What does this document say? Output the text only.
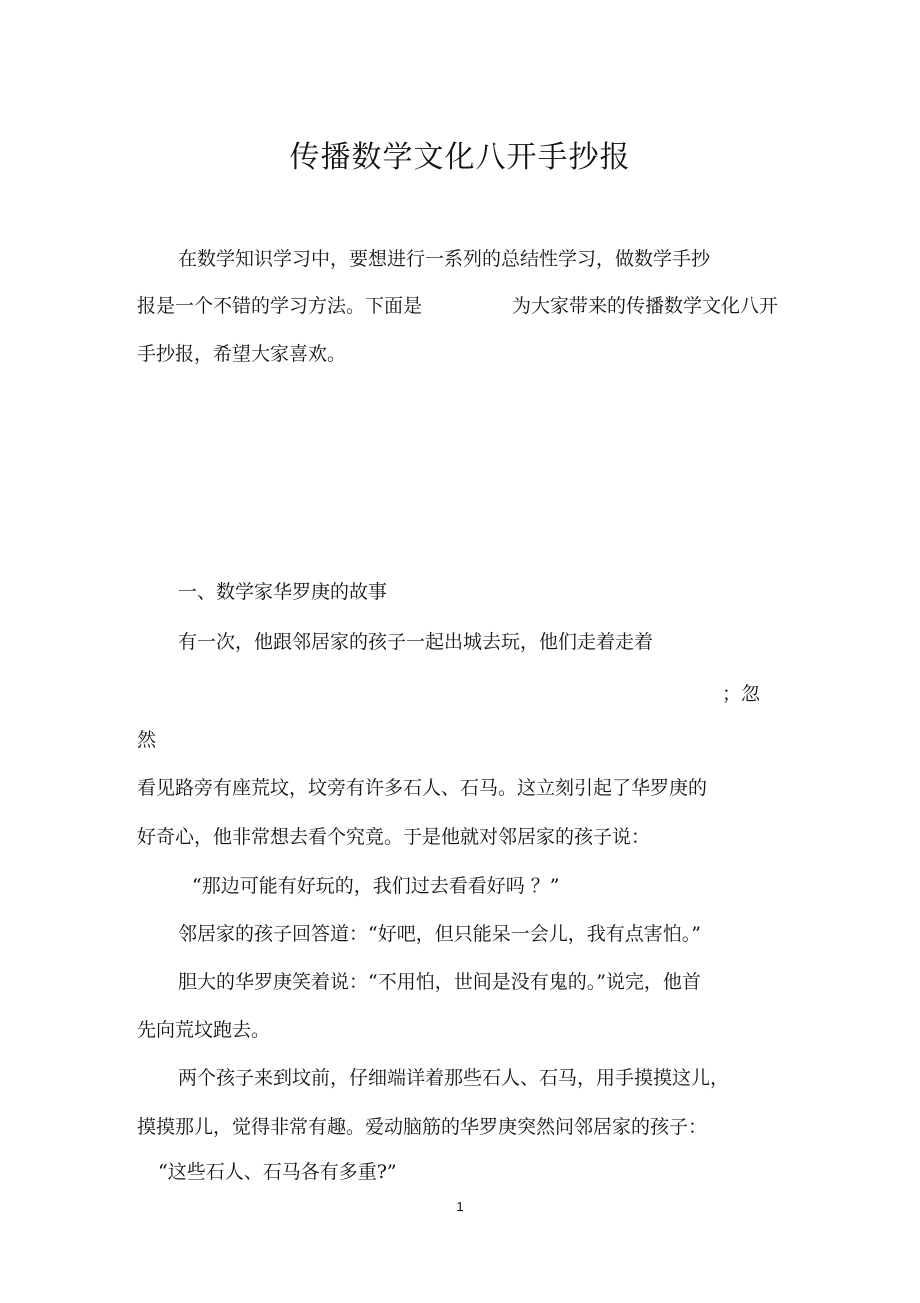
传播数学文化八开手抄报

在数学知识学习中，要想进行一系列的总结性学习，做数学手抄

报是一个不错的学习方法。下面是	为大家带来的传播数学文化八开

手抄报，希望大家喜欢。

一、数学家华罗庚的故事

有一次，他跟邻居家的孩子一起出城去玩，他们走着走着

；忽

然

看见路旁有座荒坟，坟旁有许多石人、石马。这立刻引起了华罗庚的

好奇心，他非常想去看个究竟。于是他就对邻居家的孩子说：

“那边可能有好玩的，我们过去看看好吗 ？”

邻居家的孩子回答道：“好吧，但只能呆一会儿，我有点害怕。”

胆大的华罗庚笑着说：“不用怕，世间是没有鬼的。”说完，他首

先向荒坟跑去。

两个孩子来到坟前，仔细端详着那些石人、石马，用手摸摸这儿，

摸摸那儿，觉得非常有趣。爱动脑筋的华罗庚突然问邻居家的孩子：

“这些石人、石马各有多重?”

1
